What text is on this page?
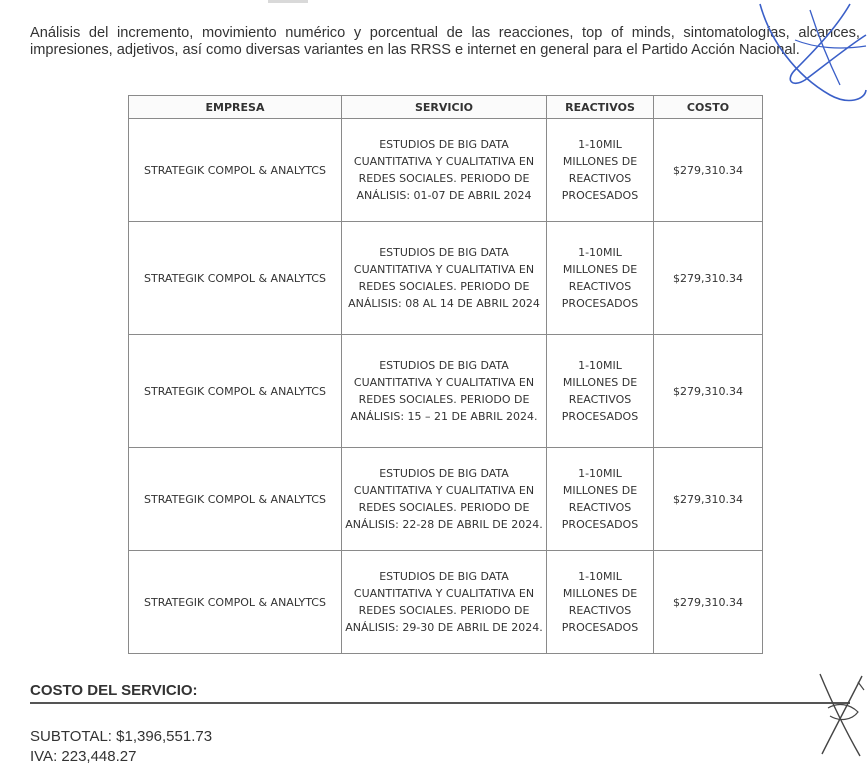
Análisis del incremento, movimiento numérico y porcentual de las reacciones, top of minds, sintomatologías, alcances, impresiones, adjetivos, así como diversas variantes en las RRSS e internet en general para el Partido Acción Nacional.

EMPRESA	SERVICIO	REACTIVOS	COSTO
STRATEGIK COMPOL & ANALYTCS	ESTUDIOS DE BIG DATA CUANTITATIVA Y CUALITATIVA EN REDES SOCIALES. PERIODO DE ANÁLISIS: 01-07 DE ABRIL 2024	1-10MIL MILLONES DE REACTIVOS PROCESADOS	$279,310.34
STRATEGIK COMPOL & ANALYTCS	ESTUDIOS DE BIG DATA CUANTITATIVA Y CUALITATIVA EN REDES SOCIALES. PERIODO DE ANÁLISIS: 08 AL 14 DE ABRIL 2024	1-10MIL MILLONES DE REACTIVOS PROCESADOS	$279,310.34
STRATEGIK COMPOL & ANALYTCS	ESTUDIOS DE BIG DATA CUANTITATIVA Y CUALITATIVA EN REDES SOCIALES. PERIODO DE ANÁLISIS: 15 – 21 DE ABRIL 2024.	1-10MIL MILLONES DE REACTIVOS PROCESADOS	$279,310.34
STRATEGIK COMPOL & ANALYTCS	ESTUDIOS DE BIG DATA CUANTITATIVA Y CUALITATIVA EN REDES SOCIALES. PERIODO DE ANÁLISIS: 22-28 DE ABRIL DE 2024.	1-10MIL MILLONES DE REACTIVOS PROCESADOS	$279,310.34
STRATEGIK COMPOL & ANALYTCS	ESTUDIOS DE BIG DATA CUANTITATIVA Y CUALITATIVA EN REDES SOCIALES. PERIODO DE ANÁLISIS: 29-30 DE ABRIL DE 2024.	1-10MIL MILLONES DE REACTIVOS PROCESADOS	$279,310.34
COSTO DEL SERVICIO:
SUBTOTAL: $1,396,551.73
IVA: 223,448.27
